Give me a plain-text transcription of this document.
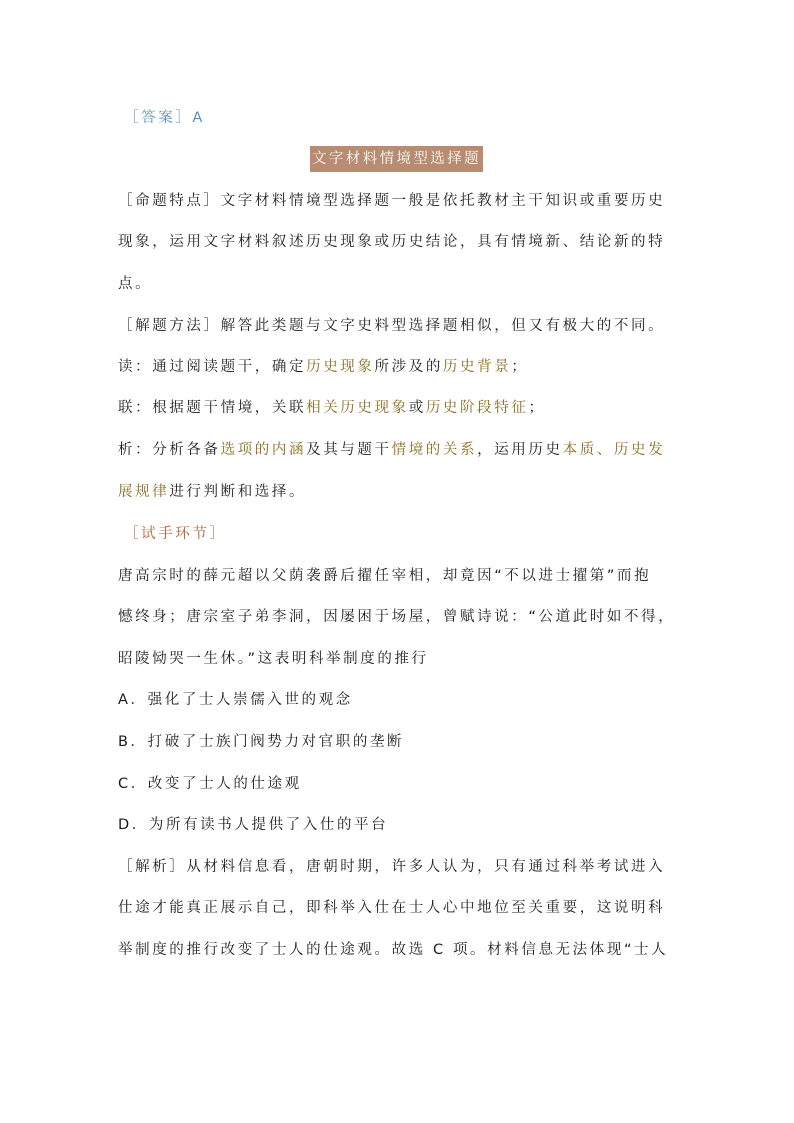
［答案］A
文字材料情境型选择题
［命题特点］文字材料情境型选择题一般是依托教材主干知识或重要历史
现象，运用文字材料叙述历史现象或历史结论，具有情境新、结论新的特
点。
［解题方法］解答此类题与文字史料型选择题相似，但又有极大的不同。
读：通过阅读题干，确定历史现象所涉及的历史背景；
联：根据题干情境，关联相关历史现象或历史阶段特征；
析：分析各备选项的内涵及其与题干情境的关系，运用历史本质、历史发
展规律进行判断和选择。
［试手环节］
唐高宗时的薛元超以父荫袭爵后擢任宰相，却竟因“不以进士擢第”而抱
憾终身；唐宗室子弟李洞，因屡困于场屋，曾赋诗说：“公道此时如不得，
昭陵恸哭一生休。”这表明科举制度的推行
A．强化了士人崇儒入世的观念
B．打破了士族门阀势力对官职的垄断
C．改变了士人的仕途观
D．为所有读书人提供了入仕的平台
［解析］从材料信息看，唐朝时期，许多人认为，只有通过科举考试进入
仕途才能真正展示自己，即科举入仕在士人心中地位至关重要，这说明科
举制度的推行改变了士人的仕途观。故选 C 项。材料信息无法体现“士人
